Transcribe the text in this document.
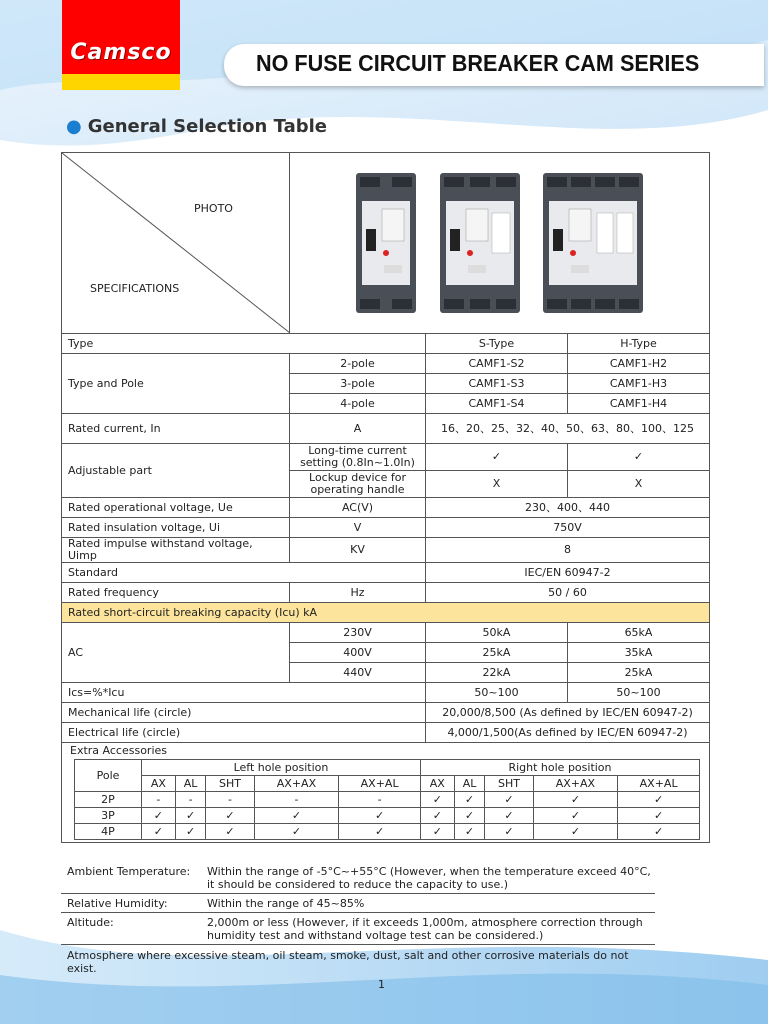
Camsco	NO FUSE CIRCUIT BREAKER CAM SERIES
● General Selection Table
PHOTO
SPECIFICATIONS

Type	S-Type	H-Type
Type and Pole	2-pole	CAMF1-S2	CAMF1-H2
3-pole	CAMF1-S3	CAMF1-H3
4-pole	CAMF1-S4	CAMF1-H4
Rated current, In	A	16、20、25、32、40、50、63、80、100、125
Adjustable part	Long-time current setting (0.8In~1.0In)	✓	✓
Lockup device for operating handle	X	X
Rated operational voltage, Ue	AC(V)	230、400、440
Rated insulation voltage, Ui	V	750V
Rated impulse withstand voltage, Uimp	KV	8
Standard	IEC/EN 60947-2
Rated frequency	Hz	50 / 60
Rated short-circuit breaking capacity (Icu) kA
AC	230V	50kA	65kA
400V	25kA	35kA
440V	22kA	25kA
Ics=%*Icu	50~100	50~100
Mechanical life (circle)	20,000/8,500 (As defined by IEC/EN 60947-2)
Electrical life (circle)	4,000/1,500(As defined by IEC/EN 60947-2)
Extra Accessories

Pole	Left hole position	Right hole position
AX	AL	SHT	AX+AX	AX+AL	AX	AL	SHT	AX+AX	AX+AL
2P	-	-	-	-	-	✓	✓	✓	✓	✓
3P	✓	✓	✓	✓	✓	✓	✓	✓	✓	✓
4P	✓	✓	✓	✓	✓	✓	✓	✓	✓	✓
Ambient Temperature:	Within the range of -5°C~+55°C (However, when the temperature exceed 40°C, it should be considered to reduce the capacity to use.)
Relative Humidity:	Within the range of 45~85%
Altitude:	2,000m or less (However, if it exceeds 1,000m, atmosphere correction through humidity test and withstand voltage test can be considered.)
Atmosphere where excessive steam, oil steam, smoke, dust, salt and other corrosive materials do not exist.
1
